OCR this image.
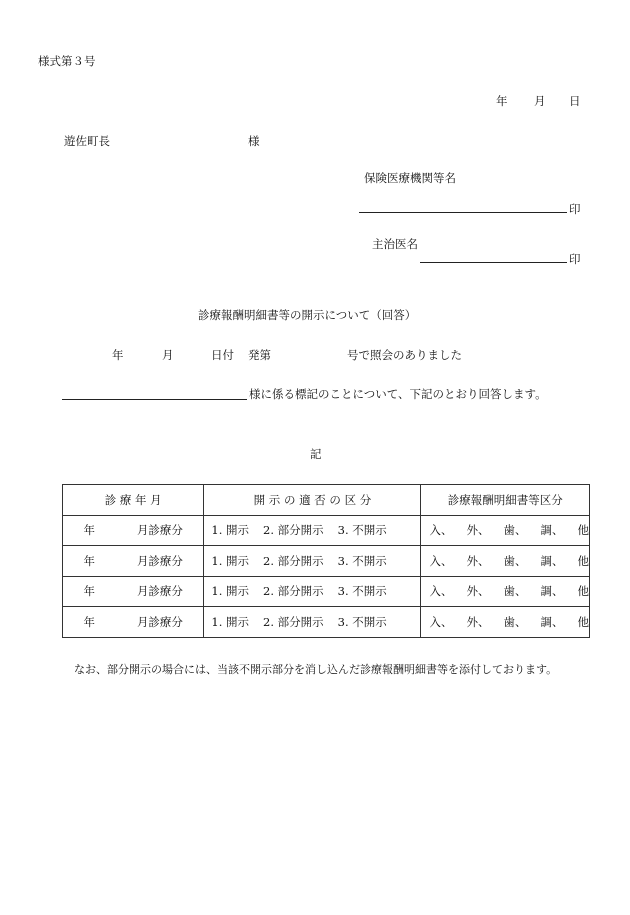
様式第３号
年 月 日
遊佐町長	様
保険医療機関等名
印
主治医名
印
診療報酬明細書等の開示について（回答）
年	月	日付 発第	号で照会のありました
様に係る標記のことについて、下記のとおり回答します。
記
診 療 年 月	開 示 の 適 否 の 区 分	診療報酬明細書等区分
年 月診療分	1. 開示 2. 部分開示 3. 不開示	入、 外、 歯、 調、 他
年 月診療分	1. 開示 2. 部分開示 3. 不開示	入、 外、 歯、 調、 他
年 月診療分	1. 開示 2. 部分開示 3. 不開示	入、 外、 歯、 調、 他
年 月診療分	1. 開示 2. 部分開示 3. 不開示	入、 外、 歯、 調、 他
なお、部分開示の場合には、当該不開示部分を消し込んだ診療報酬明細書等を添付しております。
